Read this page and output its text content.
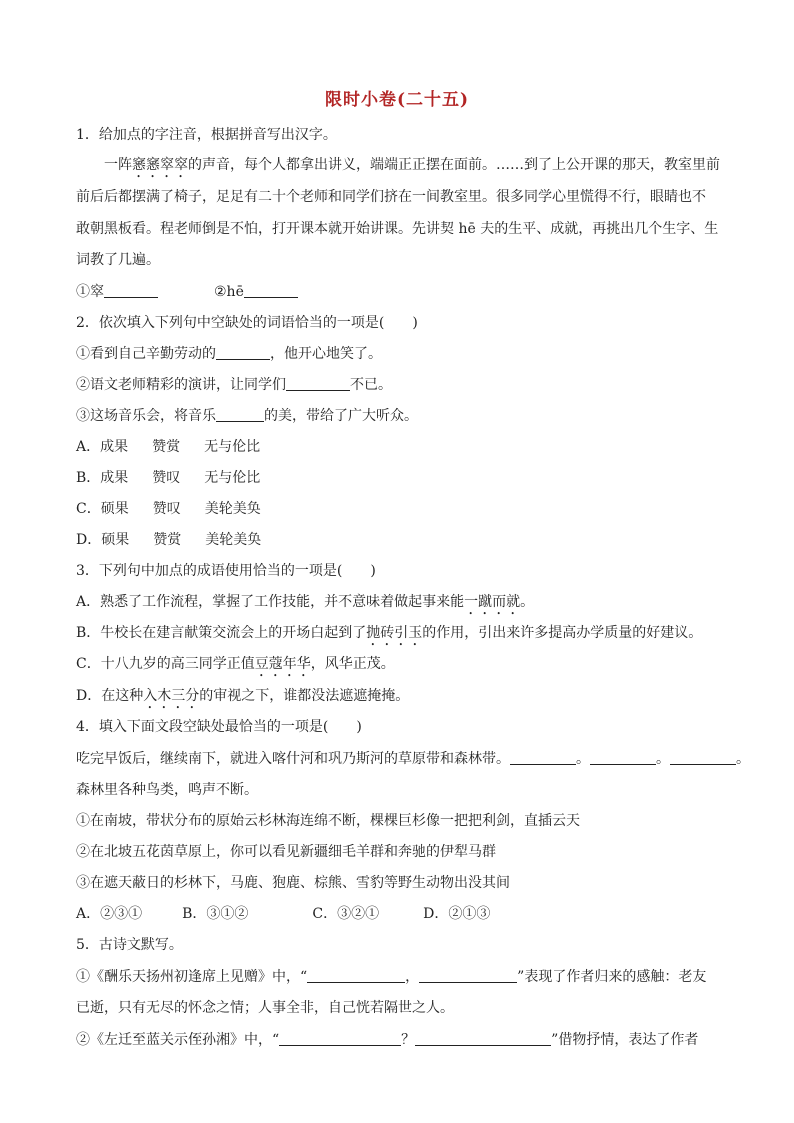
限时小卷(二十五)
1．给加点的字注音，根据拼音写出汉字。
一阵窸窸窣窣的声音，每个人都拿出讲义，端端正正摆在面前。……到了上公开课的那天，教室里前
前后后都摆满了椅子，足足有二十个老师和同学们挤在一间教室里。很多同学心里慌得不行，眼睛也不
敢朝黑板看。程老师倒是不怕，打开课本就开始讲课。先讲契 hē 夫的生平、成就，再挑出几个生字、生
词教了几遍。
①窣	②hē
2．依次填入下列句中空缺处的词语恰当的一项是(　　)
①看到自己辛勤劳动的	，他开心地笑了。
②语文老师精彩的演讲，让同学们	不已。
③这场音乐会，将音乐	的美，带给了广大听众。
A．成果 赞赏 无与伦比
B．成果 赞叹 无与伦比
C．硕果 赞叹 美轮美奂
D．硕果 赞赏 美轮美奂
3．下列句中加点的成语使用恰当的一项是(　　)
A．熟悉了工作流程，掌握了工作技能，并不意味着做起事来能一蹴而就。
B．牛校长在建言献策交流会上的开场白起到了抛砖引玉的作用，引出来许多提高办学质量的好建议。
C．十八九岁的高三同学正值豆蔻年华，风华正茂。
D．在这种入木三分的审视之下，谁都没法遮遮掩掩。
4．填入下面文段空缺处最恰当的一项是(　　)
吃完早饭后，继续南下，就进入喀什河和巩乃斯河的草原带和森林带。	。	。	。
森林里各种鸟类，鸣声不断。
①在南坡，带状分布的原始云杉林海连绵不断，棵棵巨杉像一把把利剑，直插云天
②在北坡五花茵草原上，你可以看见新疆细毛羊群和奔驰的伊犁马群
③在遮天蔽日的杉林下，马鹿、狍鹿、棕熊、雪豹等野生动物出没其间
A．②③①	B．③①②	C．③②①	D．②①③
5．古诗文默写。
①《酬乐天扬州初逢席上见赠》中，“	，	”表现了作者归来的感触：老友
已逝，只有无尽的怀念之情；人事全非，自己恍若隔世之人。
②《左迁至蓝关示侄孙湘》中，“	？	”借物抒情，表达了作者
